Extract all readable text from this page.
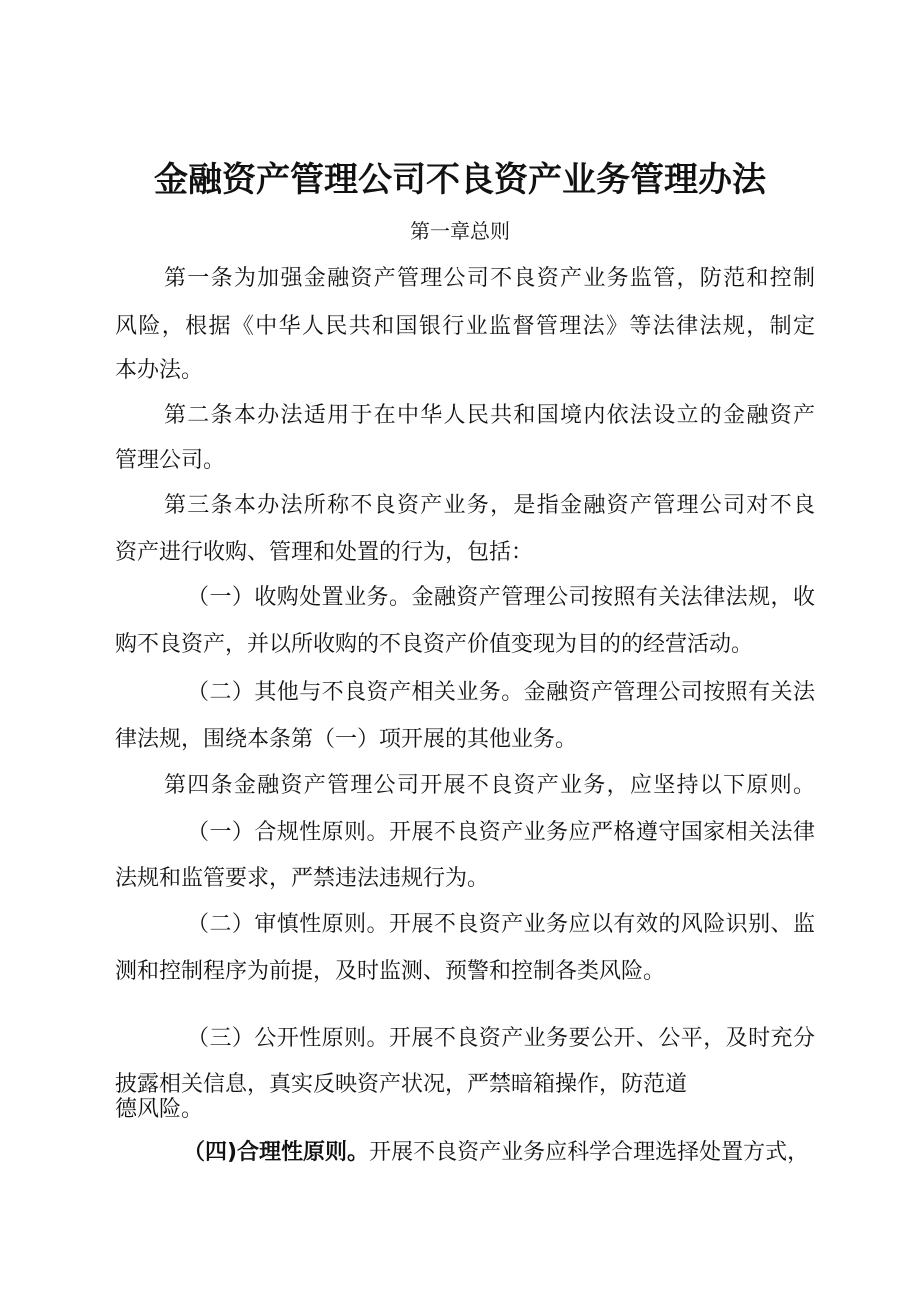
金融资产管理公司不良资产业务管理办法
第一章总则
第一条为加强金融资产管理公司不良资产业务监管，防范和控制
风险，根据《中华人民共和国银行业监督管理法》等法律法规，制定
本办法。
第二条本办法适用于在中华人民共和国境内依法设立的金融资产
管理公司。
第三条本办法所称不良资产业务，是指金融资产管理公司对不良
资产进行收购、管理和处置的行为，包括：
（一）收购处置业务。金融资产管理公司按照有关法律法规，收
购不良资产，并以所收购的不良资产价值变现为目的的经营活动。
（二）其他与不良资产相关业务。金融资产管理公司按照有关法
律法规，围绕本条第（一）项开展的其他业务。
第四条金融资产管理公司开展不良资产业务，应坚持以下原则。
（一）合规性原则。开展不良资产业务应严格遵守国家相关法律
法规和监管要求，严禁违法违规行为。
（二）审慎性原则。开展不良资产业务应以有效的风险识别、监
测和控制程序为前提，及时监测、预警和控制各类风险。
（三）公开性原则。开展不良资产业务要公开、公平，及时充分
披露相关信息，真实反映资产状况，严禁暗箱操作，防范道
德风险。
（四)合理性原则。开展不良资产业务应科学合理选择处置方式，
